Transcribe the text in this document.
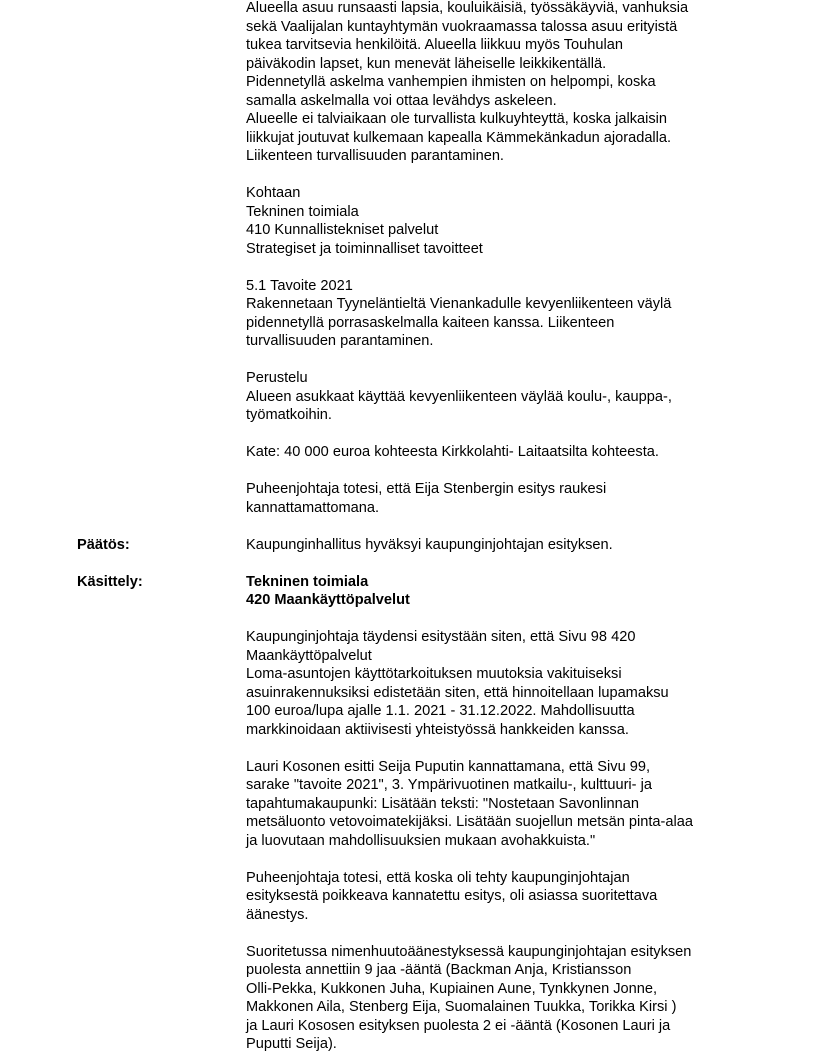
Alueella asuu runsaasti lapsia, kouluikäisiä, työssäkäyviä, vanhuksia

sekä Vaalijalan kuntayhtymän vuokraamassa talossa asuu erityistä

tukea tarvitsevia henkilöitä. Alueella liikkuu myös Touhulan

päiväkodin lapset, kun menevät läheiselle leikkikentällä.

Pidennetyllä askelma vanhempien ihmisten on helpompi, koska

samalla askelmalla voi ottaa levähdys askeleen.

Alueelle ei talviaikaan ole turvallista kulkuyhteyttä, koska jalkaisin

liikkujat joutuvat kulkemaan kapealla Kämmekänkadun ajoradalla.

Liikenteen turvallisuuden parantaminen.

Kohtaan

Tekninen toimiala

410 Kunnallistekniset palvelut

Strategiset ja toiminnalliset tavoitteet

5.1 Tavoite 2021

Rakennetaan Tyyneläntieltä Vienankadulle kevyenliikenteen väylä

pidennetyllä porrasaskelmalla kaiteen kanssa. Liikenteen

turvallisuuden parantaminen.

Perustelu

Alueen asukkaat käyttää kevyenliikenteen väylää koulu-, kauppa-,

työmatkoihin.

Kate: 40 000 euroa kohteesta Kirkkolahti- Laitaatsilta kohteesta.

Puheenjohtaja totesi, että Eija Stenbergin esitys raukesi

kannattamattomana.

Kaupunginhallitus hyväksyi kaupunginjohtajan esityksen.

Tekninen toimiala

420 Maankäyttöpalvelut

Kaupunginjohtaja täydensi esitystään siten, että Sivu 98 420

Maankäyttöpalvelut

Loma-asuntojen käyttötarkoituksen muutoksia vakituiseksi

asuinrakennuksiksi edistetään siten, että hinnoitellaan lupamaksu

100 euroa/lupa ajalle 1.1. 2021 - 31.12.2022. Mahdollisuutta

markkinoidaan aktiivisesti yhteistyössä hankkeiden kanssa.

Lauri Kosonen esitti Seija Puputin kannattamana, että Sivu 99,

sarake "tavoite 2021", 3. Ympärivuotinen matkailu-, kulttuuri- ja

tapahtumakaupunki: Lisätään teksti: "Nostetaan Savonlinnan

metsäluonto vetovoimatekijäksi. Lisätään suojellun metsän pinta-alaa

ja luovutaan mahdollisuuksien mukaan avohakkuista."

Puheenjohtaja totesi, että koska oli tehty kaupunginjohtajan

esityksestä poikkeava kannatettu esitys, oli asiassa suoritettava

äänestys.

Suoritetussa nimenhuutoäänestyksessä kaupunginjohtajan esityksen

puolesta annettiin 9 jaa -ääntä (Backman Anja, Kristiansson

Olli-Pekka, Kukkonen Juha, Kupiainen Aune, Tynkkynen Jonne,

Makkonen Aila, Stenberg Eija, Suomalainen Tuukka, Torikka Kirsi )

ja Lauri Kososen esityksen puolesta 2 ei -ääntä (Kosonen Lauri ja

Puputti Seija).

Päätös:
Käsittely:
